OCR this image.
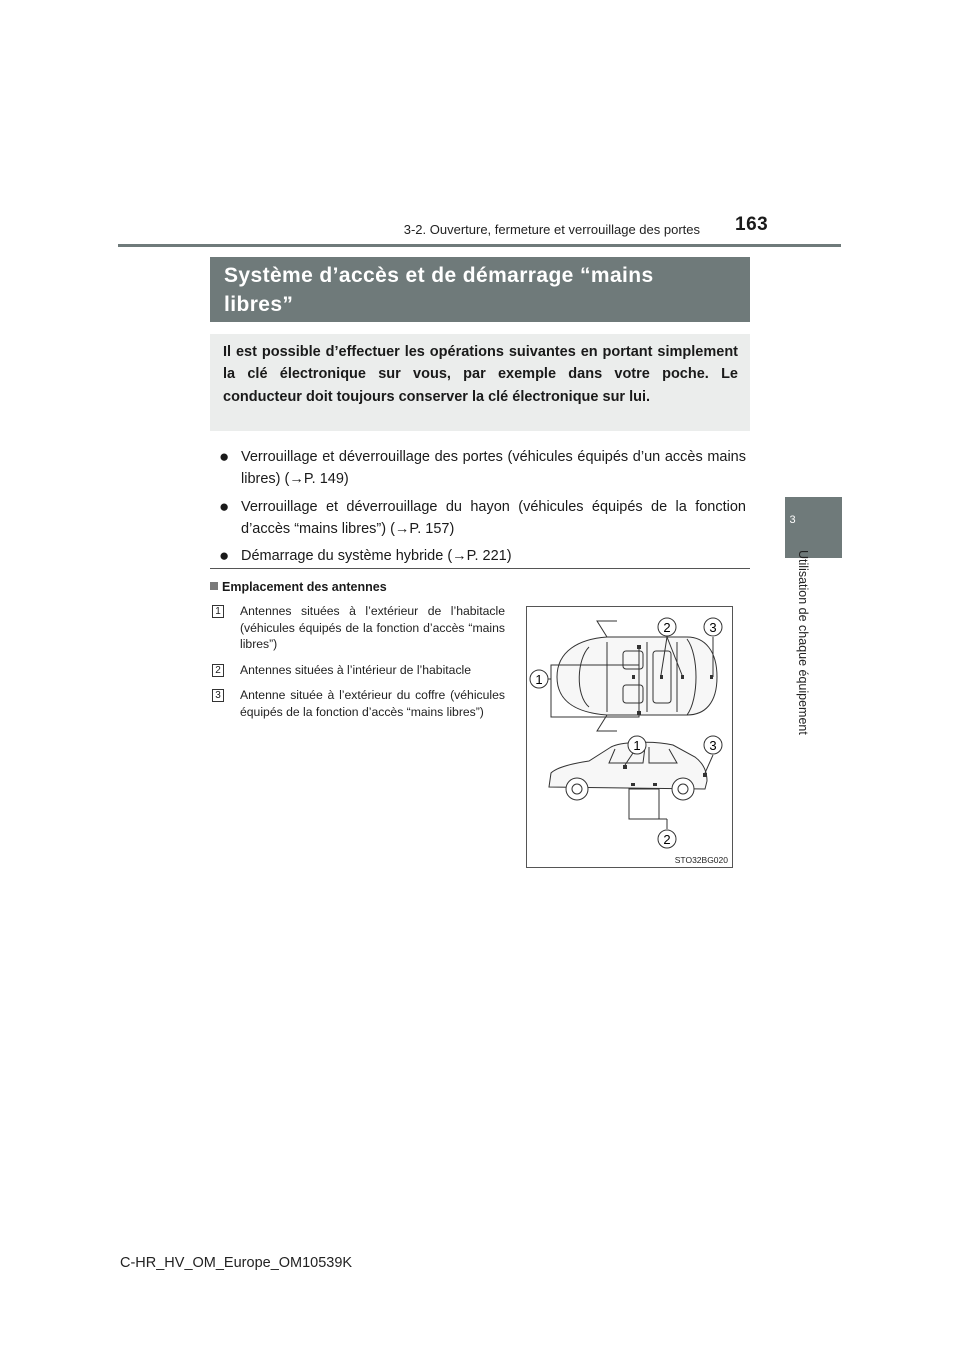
3-2. Ouverture, fermeture et verrouillage des portes 163
3
Utilisation de chaque équipement
Système d’accès et de démarrage “mains
libres”
Il est possible d’effectuer les opérations suivantes en portant simplement la clé électronique sur vous, par exemple dans votre poche. Le conducteur doit toujours conserver la clé électronique sur lui.
● Verrouillage et déverrouillage des portes (véhicules équipés d’un accès mains libres) (→P. 149)
● Verrouillage et déverrouillage du hayon (véhicules équipés de la fonction d’accès “mains libres”) (→P. 157)
● Démarrage du système hybride (→P. 221)
Emplacement des antennes
1 Antennes situées à l’extérieur de l’habitacle (véhicules équipés de la fonction d’accès “mains libres”)
2 Antennes situées à l’intérieur de l’habitacle
3 Antenne située à l’extérieur du coffre (véhicules équipés de la fonction d’accès “mains libres”)
2	3
1
1	3
2
STO32BG020
C-HR_HV_OM_Europe_OM10539K
